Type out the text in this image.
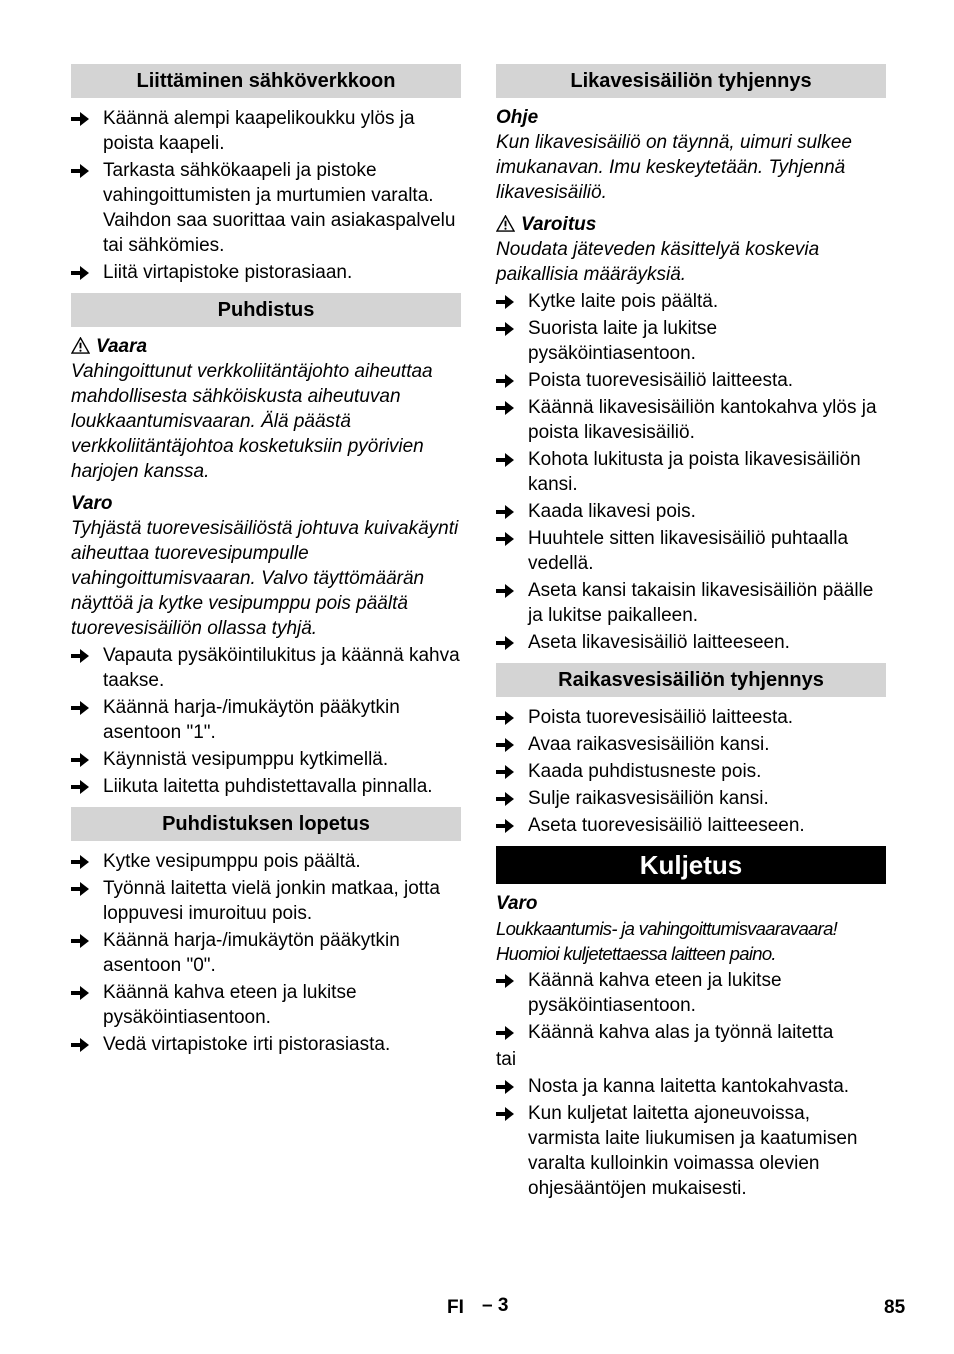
Liittäminen sähköverkkoon
Käännä alempi kaapelikoukku ylös ja poista kaapeli.
Tarkasta sähkökaapeli ja pistoke vahingoittumisten ja murtumien varalta. Vaihdon saa suorittaa vain asiakaspalvelu tai sähkömies.
Liitä virtapistoke pistorasiaan.
Puhdistus
Vaara
Vahingoittunut verkkoliitäntäjohto aiheuttaa mahdollisesta sähköiskusta aiheutuvan loukkaantumisvaaran. Älä päästä verkkoliitäntäjohtoa kosketuksiin pyörivien harjojen kanssa.
Varo
Tyhjästä tuorevesisäiliöstä johtuva kuivakäynti aiheuttaa tuorevesipumpulle vahingoittumisvaaran. Valvo täyttömäärän näyttöä ja kytke vesipumppu pois päältä tuorevesisäiliön ollassa tyhjä.
Vapauta pysäköintilukitus ja käännä kahva taakse.
Käännä harja-/imukäytön pääkytkin asentoon "1".
Käynnistä vesipumppu kytkimellä.
Liikuta laitetta puhdistettavalla pinnalla.
Puhdistuksen lopetus
Kytke vesipumppu pois päältä.
Työnnä laitetta vielä jonkin matkaa, jotta loppuvesi imuroituu pois.
Käännä harja-/imukäytön pääkytkin asentoon "0".
Käännä kahva eteen ja lukitse pysäköintiasentoon.
Vedä virtapistoke irti pistorasiasta.
Likavesisäiliön tyhjennys
Ohje
Kun likavesisäiliö on täynnä, uimuri sulkee imukanavan. Imu keskeytetään. Tyhjennä likavesisäiliö.
Varoitus
Noudata jäteveden käsittelyä koskevia paikallisia määräyksiä.
Kytke laite pois päältä.
Suorista laite ja lukitse pysäköintiasentoon.
Poista tuorevesisäiliö laitteesta.
Käännä likavesisäiliön kantokahva ylös ja poista likavesisäiliö.
Kohota lukitusta ja poista likavesisäiliön kansi.
Kaada likavesi pois.
Huuhtele sitten likavesisäiliö puhtaalla vedellä.
Aseta kansi takaisin likavesisäiliön päälle ja lukitse paikalleen.
Aseta likavesisäiliö laitteeseen.
Raikasvesisäiliön tyhjennys
Poista tuorevesisäiliö laitteesta.
Avaa raikasvesisäiliön kansi.
Kaada puhdistusneste pois.
Sulje raikasvesisäiliön kansi.
Aseta tuorevesisäiliö laitteeseen.
Kuljetus
Varo
Loukkaantumis- ja vahingoittumisvaaravaara! Huomioi kuljetettaessa laitteen paino.
Käännä kahva eteen ja lukitse pysäköintiasentoon.
Käännä kahva alas ja työnnä laitetta
tai
Nosta ja kanna laitetta kantokahvasta.
Kun kuljetat laitetta ajoneuvoissa, varmista laite liukumisen ja kaatumisen varalta kulloinkin voimassa olevien ohjesääntöjen mukaisesti.
FI – 3	85
